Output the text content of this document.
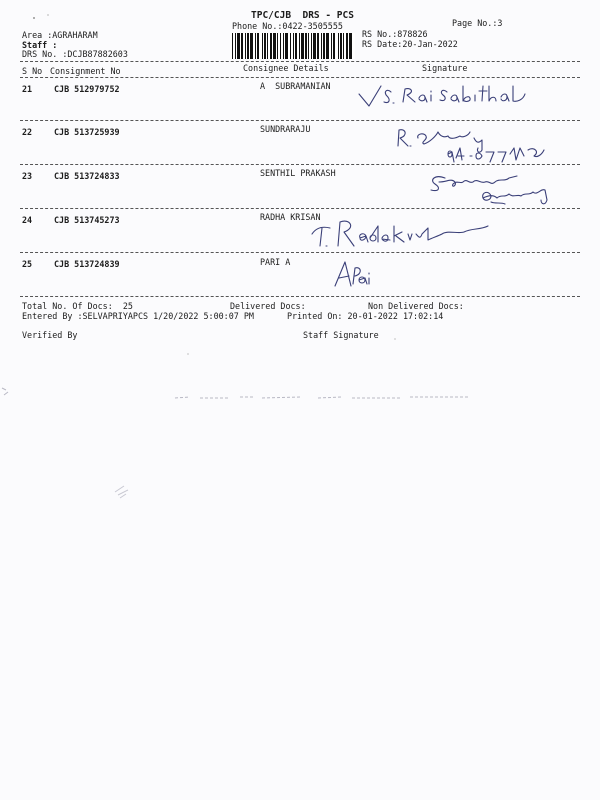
TPC/CJB  DRS - PCS
Phone No.:0422-3505555	Page No.:3
Area :AGRAHARAM
Staff :
DRS No. :DCJB87882603
RS No.:878826
RS Date:20-Jan-2022
S No Consignment No	Consignee Details	Signature
21	CJB 512979752	A  SUBRAMANIAN
22	CJB 513725939	SUNDRARAJU
23	CJB 513724833	SENTHIL PRAKASH
24	CJB 513745273	RADHA KRISAN
25	CJB 513724839	PARI A
Total No. Of Docs:  25	Delivered Docs:	Non Delivered Docs:
Entered By :SELVAPRIYAPCS 1/20/2022 5:00:07 PM	Printed On: 20-01-2022 17:02:14
Verified By	Staff Signature
